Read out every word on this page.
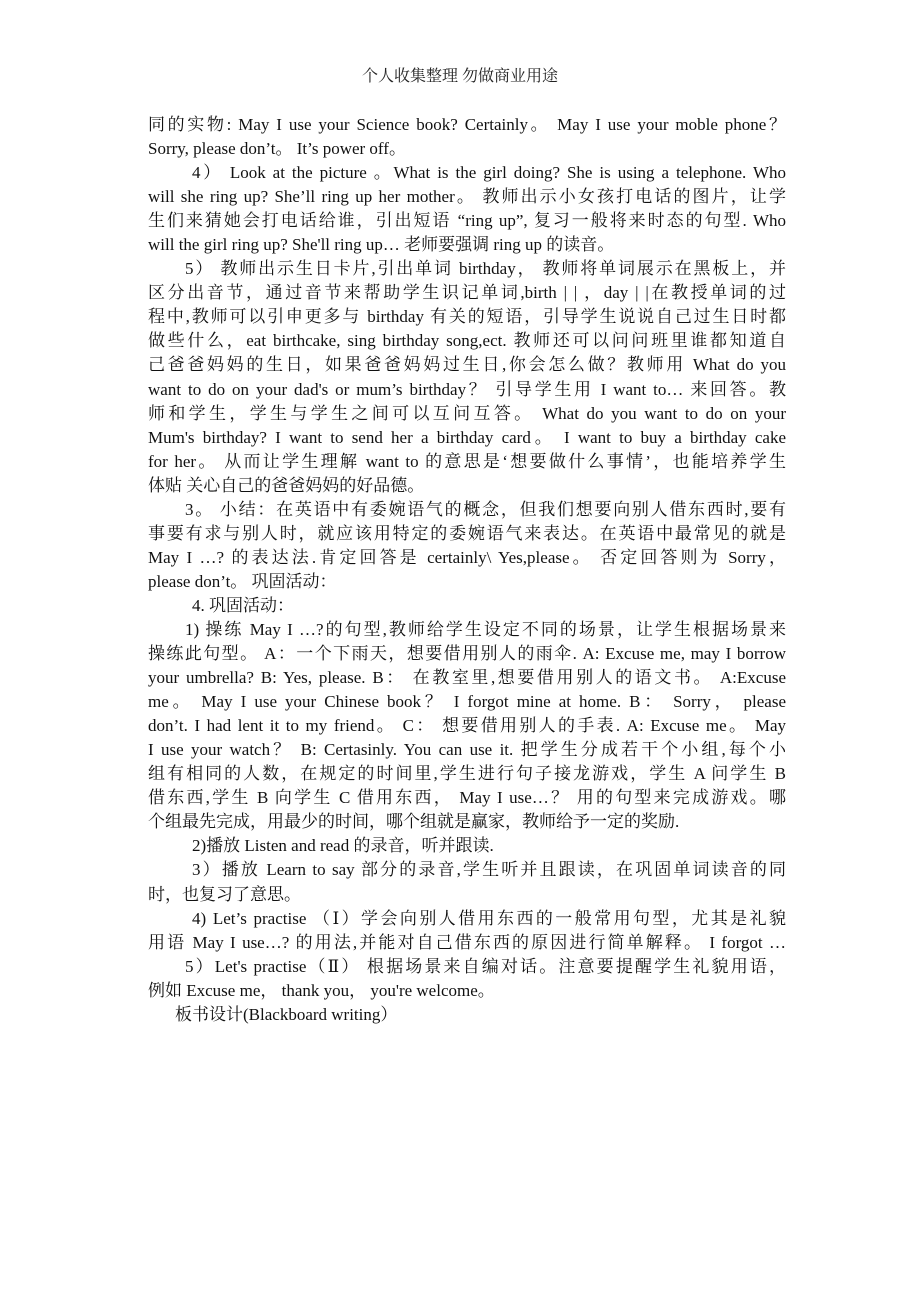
个人收集整理 勿做商业用途
同的实物: May I use your Science book? Certainly。 May I use your moble phone？
Sorry, please don’t。 It’s power off。
4） Look at the picture 。What is the girl doing? She is using a telephone. Who
will she ring up? She’ll ring up her mother。 教师出示小女孩打电话的图片，让学
生们来猜她会打电话给谁，引出短语 “ring up”, 复习一般将来时态的句型. Who
will the girl ring up? She'll ring up… 老师要强调 ring up 的读音。
5） 教师出示生日卡片,引出单词 birthday， 教师将单词展示在黑板上，并
区分出音节，通过音节来帮助学生识记单词,birth | | ，day | |在教授单词的过
程中,教师可以引申更多与 birthday 有关的短语，引导学生说说自己过生日时都
做些什么，eat birthcake, sing birthday song,ect. 教师还可以问问班里谁都知道自
己爸爸妈妈的生日，如果爸爸妈妈过生日,你会怎么做？教师用 What do you
want to do on your dad's or mum’s birthday？ 引导学生用 I want to… 来回答。教
师和学生，学生与学生之间可以互问互答。 What do you want to do on your
Mum's birthday? I want to send her a birthday card。 I want to buy a birthday cake
for her。 从而让学生理解 want to 的意思是‘想要做什么事情’，也能培养学生
体贴 关心自己的爸爸妈妈的好品德。
3。 小结：在英语中有委婉语气的概念，但我们想要向别人借东西时,要有
事要有求与别人时，就应该用特定的委婉语气来表达。在英语中最常见的就是
May I …? 的表达法.肯定回答是 certainly\ Yes,please。 否定回答则为 Sorry，
please don’t。 巩固活动：
4. 巩固活动：
1) 操练 May I …?的句型,教师给学生设定不同的场景，让学生根据场景来
操练此句型。 A：一个下雨天，想要借用别人的雨伞. A: Excuse me, may I borrow
your umbrella? B: Yes, please. B： 在教室里,想要借用别人的语文书。 A:Excuse
me。 May I use your Chinese book？ I forgot mine at home. B： Sorry， please
don’t. I had lent it to my friend。 C： 想要借用别人的手表. A: Excuse me。 May
I use your watch？ B: Certasinly. You can use it. 把学生分成若干个小组,每个小
组有相同的人数，在规定的时间里,学生进行句子接龙游戏，学生 A 问学生 B
借东西,学生 B 向学生 C 借用东西， May I use…？ 用的句型来完成游戏。哪
个组最先完成，用最少的时间，哪个组就是赢家，教师给予一定的奖励.
2)播放 Listen and read 的录音，听并跟读.
3）播放 Learn to say 部分的录音,学生听并且跟读，在巩固单词读音的同
时，也复习了意思。
4) Let’s practise （Ⅰ）学会向别人借用东西的一般常用句型，尤其是礼貌
用语 May I use…? 的用法,并能对自己借东西的原因进行简单解释。 I forgot …
5）Let's practise（Ⅱ） 根据场景来自编对话。注意要提醒学生礼貌用语，
例如 Excuse me， thank you， you're welcome。
板书设计(Blackboard writing）
